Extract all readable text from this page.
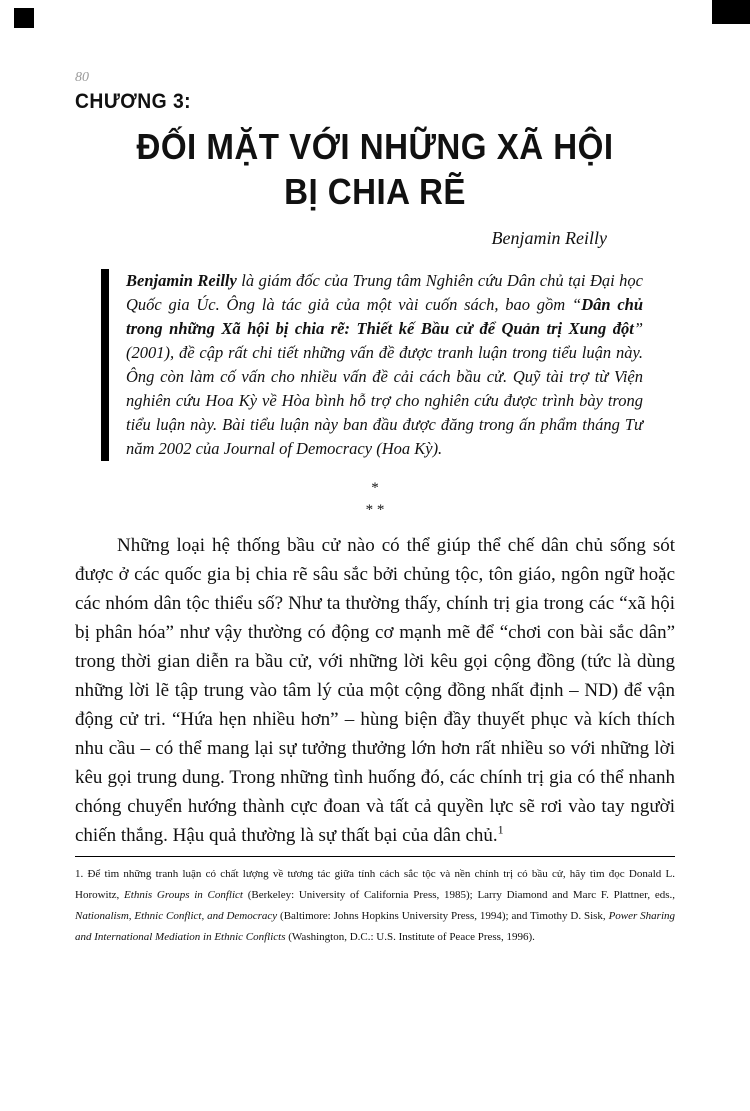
80
CHƯƠNG 3:
ĐỐI MẶT VỚI NHỮNG XÃ HỘI
BỊ CHIA RẼ
Benjamin Reilly
Benjamin Reilly là giám đốc của Trung tâm Nghiên cứu Dân chủ tại Đại học Quốc gia Úc. Ông là tác giả của một vài cuốn sách, bao gồm “Dân chủ trong những Xã hội bị chia rẽ: Thiết kế Bầu cử để Quản trị Xung đột” (2001), đề cập rất chi tiết những vấn đề được tranh luận trong tiểu luận này. Ông còn làm cố vấn cho nhiều vấn đề cải cách bầu cử. Quỹ tài trợ từ Viện nghiên cứu Hoa Kỳ về Hòa bình hỗ trợ cho nghiên cứu được trình bày trong tiểu luận này. Bài tiểu luận này ban đầu được đăng trong ấn phẩm tháng Tư năm 2002 của Journal of Democracy (Hoa Kỳ).
*
* *
Những loại hệ thống bầu cử nào có thể giúp thể chế dân chủ sống sót được ở các quốc gia bị chia rẽ sâu sắc bởi chủng tộc, tôn giáo, ngôn ngữ hoặc các nhóm dân tộc thiểu số? Như ta thường thấy, chính trị gia trong các “xã hội bị phân hóa” như vậy thường có động cơ mạnh mẽ để “chơi con bài sắc dân” trong thời gian diễn ra bầu cử, với những lời kêu gọi cộng đồng (tức là dùng những lời lẽ tập trung vào tâm lý của một cộng đồng nhất định – ND) để vận động cử tri. “Hứa hẹn nhiều hơn” – hùng biện đầy thuyết phục và kích thích nhu cầu – có thể mang lại sự tưởng thưởng lớn hơn rất nhiều so với những lời kêu gọi trung dung. Trong những tình huống đó, các chính trị gia có thể nhanh chóng chuyển hướng thành cực đoan và tất cả quyền lực sẽ rơi vào tay người chiến thắng. Hậu quả thường là sự thất bại của dân chủ.$^1$
1. Để tìm những tranh luận có chất lượng về tương tác giữa tính cách sắc tộc và nền chính trị có bầu cử, hãy tìm đọc Donald L. Horowitz, Ethnis Groups in Conflict (Berkeley: University of California Press, 1985); Larry Diamond and Marc F. Plattner, eds., Nationalism, Ethnic Conflict, and Democracy (Baltimore: Johns Hopkins University Press, 1994); and Timothy D. Sisk, Power Sharing and International Mediation in Ethnic Conflicts (Washington, D.C.: U.S. Institute of Peace Press, 1996).
